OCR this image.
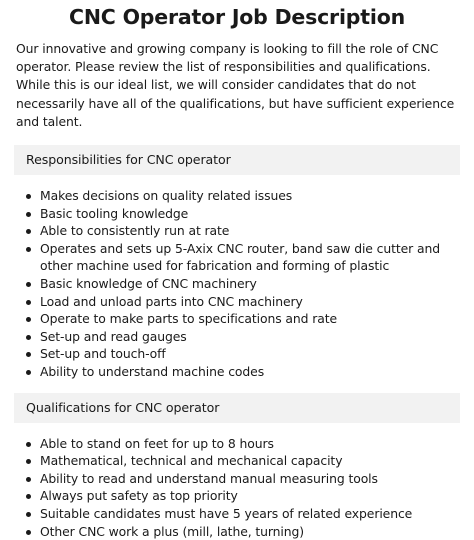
CNC Operator Job Description

Our innovative and growing company is looking to fill the role of CNC operator. Please review the list of responsibilities and qualifications. While this is our ideal list, we will consider candidates that do not necessarily have all of the qualifications, but have sufficient experience and talent.

Responsibilities for CNC operator
Makes decisions on quality related issues
Basic tooling knowledge
Able to consistently run at rate
Operates and sets up 5-Axix CNC router, band saw die cutter and other machine used for fabrication and forming of plastic
Basic knowledge of CNC machinery
Load and unload parts into CNC machinery
Operate to make parts to specifications and rate
Set-up and read gauges
Set-up and touch-off
Ability to understand machine codes
Qualifications for CNC operator
Able to stand on feet for up to 8 hours
Mathematical, technical and mechanical capacity
Ability to read and understand manual measuring tools
Always put safety as top priority
Suitable candidates must have 5 years of related experience
Other CNC work a plus (mill, lathe, turning)
